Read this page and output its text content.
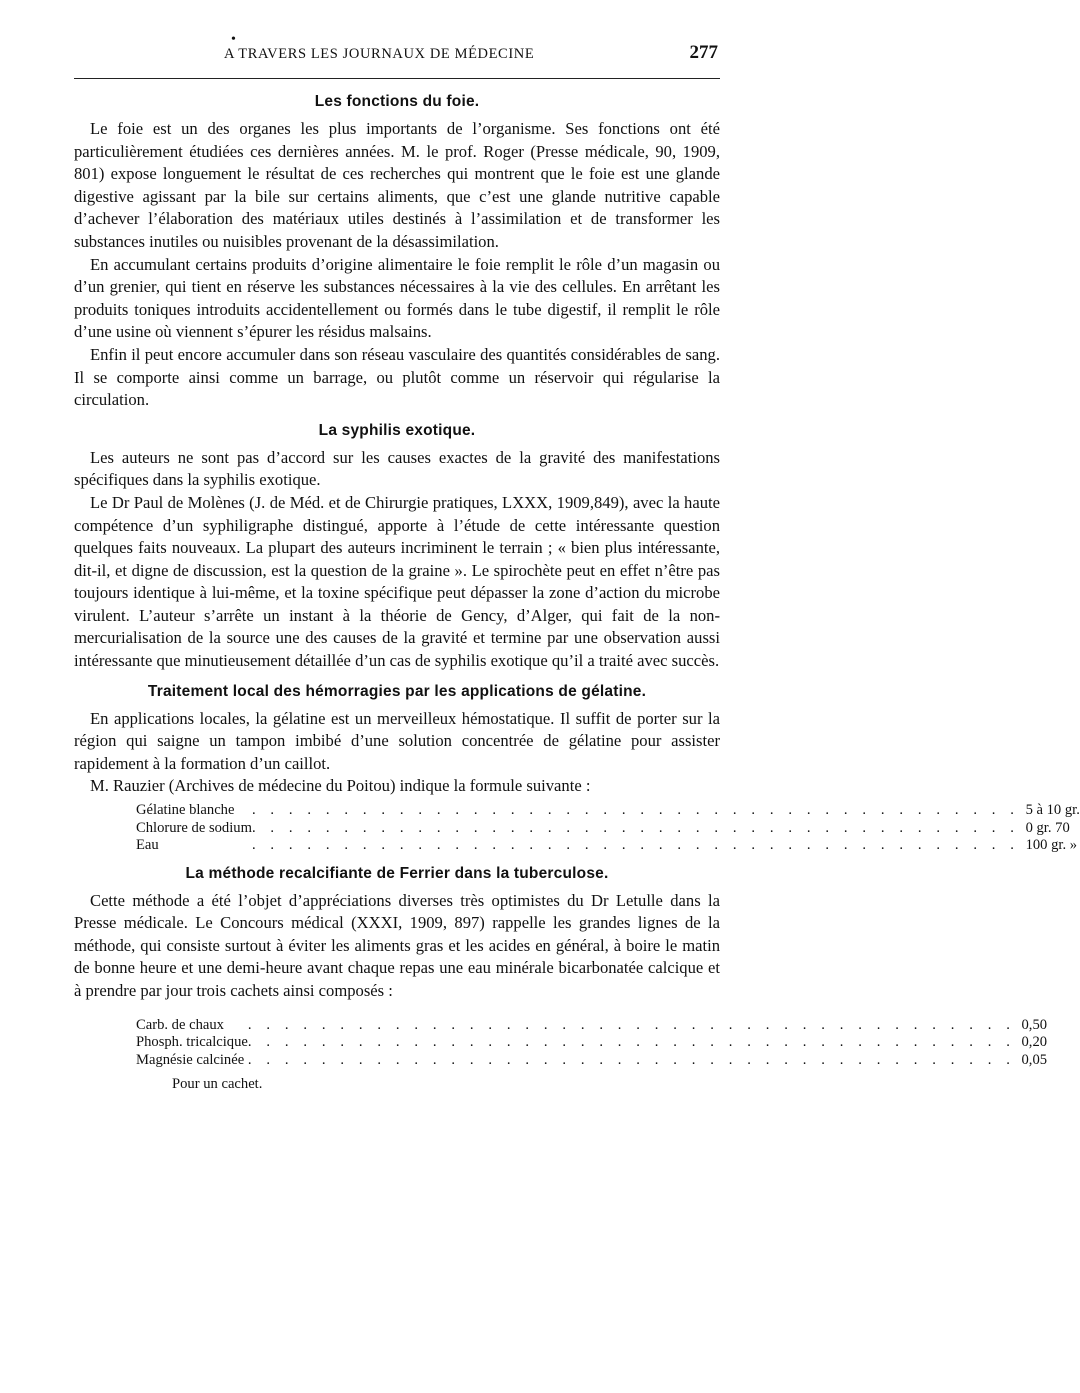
•
A TRAVERS LES JOURNAUX DE MÉDECINE	277
Les fonctions du foie.

Le foie est un des organes les plus importants de l’organisme. Ses fonctions ont été particulièrement étudiées ces dernières années. M. le prof. Roger (Presse médicale, 90, 1909, 801) expose longuement le résultat de ces recherches qui montrent que le foie est une glande digestive agissant par la bile sur certains aliments, que c’est une glande nutritive capable d’achever l’élaboration des matériaux utiles destinés à l’assimilation et de transformer les substances inutiles ou nuisibles provenant de la désassimilation.

En accumulant certains produits d’origine alimentaire le foie remplit le rôle d’un magasin ou d’un grenier, qui tient en réserve les substances nécessaires à la vie des cellules. En arrêtant les produits toniques introduits accidentellement ou formés dans le tube digestif, il remplit le rôle d’une usine où viennent s’épurer les résidus malsains.

Enfin il peut encore accumuler dans son réseau vasculaire des quantités considérables de sang. Il se comporte ainsi comme un barrage, ou plutôt comme un réservoir qui régularise la circulation.

La syphilis exotique.

Les auteurs ne sont pas d’accord sur les causes exactes de la gravité des manifestations spécifiques dans la syphilis exotique.

Le Dr Paul de Molènes (J. de Méd. et de Chirurgie pratiques, LXXX, 1909,849), avec la haute compétence d’un syphiligraphe distingué, apporte à l’étude de cette intéressante question quelques faits nouveaux. La plupart des auteurs incriminent le terrain ; « bien plus intéressante, dit-il, et digne de discussion, est la question de la graine ». Le spirochète peut en effet n’être pas toujours identique à lui-même, et la toxine spécifique peut dépasser la zone d’action du microbe virulent. L’auteur s’arrête un instant à la théorie de Gency, d’Alger, qui fait de la non-mercurialisation de la source une des causes de la gravité et termine par une observation aussi intéressante que minutieusement détaillée d’un cas de syphilis exotique qu’il a traité avec succès.

Traitement local des hémorragies par les applications de gélatine.

En applications locales, la gélatine est un merveilleux hémostatique. Il suffit de porter sur la région qui saigne un tampon imbibé d’une solution concentrée de gélatine pour assister rapidement à la formation d’un caillot.

M. Rauzier (Archives de médecine du Poitou) indique la formule suivante :

Gélatine blanche	. . . . . . . . . . . . . . . . . . . . . . . . . . . . . . . . . . . . . . . . . .	5 à 10 gr.
Chlorure de sodium	. . . . . . . . . . . . . . . . . . . . . . . . . . . . . . . . . . . . . . . . . .	0 gr. 70
Eau	. . . . . . . . . . . . . . . . . . . . . . . . . . . . . . . . . . . . . . . . . .	100 gr. »
La méthode recalcifiante de Ferrier dans la tuberculose.

Cette méthode a été l’objet d’appréciations diverses très optimistes du Dr Letulle dans la Presse médicale. Le Concours médical (XXXI, 1909, 897) rappelle les grandes lignes de la méthode, qui consiste surtout à éviter les aliments gras et les acides en général, à boire le matin de bonne heure et une demi-heure avant chaque repas une eau minérale bicarbonatée calcique et à prendre par jour trois cachets ainsi composés :

Carb. de chaux	. . . . . . . . . . . . . . . . . . . . . . . . . . . . . . . . . . . . . . . . . .	0,50
Phosph. tricalcique	. . . . . . . . . . . . . . . . . . . . . . . . . . . . . . . . . . . . . . . . . .	0,20
Magnésie calcinée	. . . . . . . . . . . . . . . . . . . . . . . . . . . . . . . . . . . . . . . . . .	0,05
Pour un cachet.
